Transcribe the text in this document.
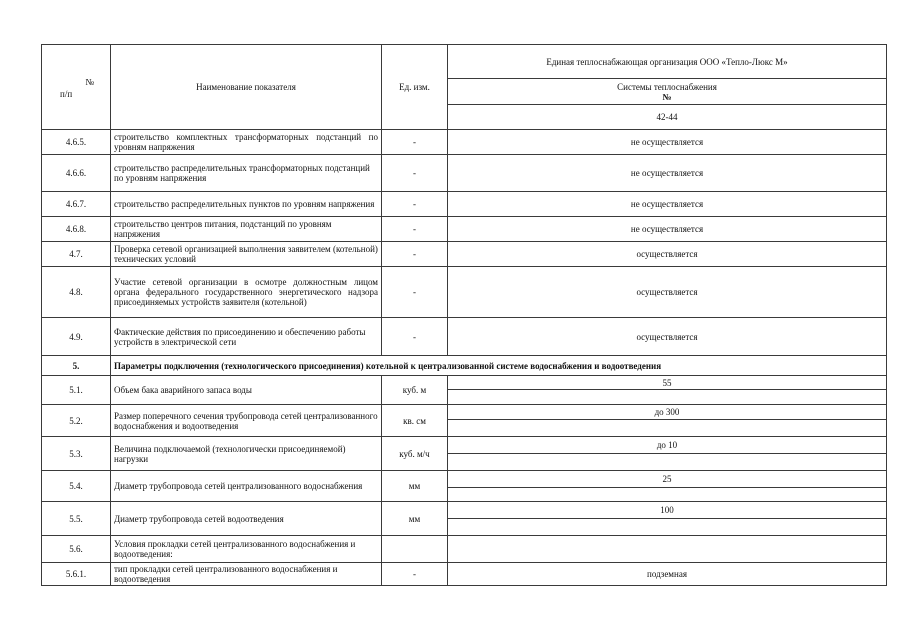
№
п/п	Наименование показателя	Ед. изм.	Единая теплоснабжающая организация ООО «Тепло-Люкс М»

			Системы теплоснабжения
№

			42-44
4.6.5.	строительство комплектных трансформаторных подстанций по уровням напряжения	-	не осуществляется
4.6.6.	строительство распределительных трансформаторных подстанций по уровням напряжения	-	не осуществляется
4.6.7.	строительство распределительных пунктов по уровням напряжения	-	не осуществляется
4.6.8.	строительство центров питания, подстанций по уровням напряжения	-	не осуществляется
4.7.	Проверка сетевой организацией выполнения заявителем (котельной) технических условий	-	осуществляется
4.8.	Участие сетевой организации в осмотре должностным лицом органа федерального государственного энергетического надзора присоединяемых устройств заявителя (котельной)	-	осуществляется
4.9.	Фактические действия по присоединению и обеспечению работы устройств в электрической сети	-	осуществляется
5.	Параметры подключения (технологического присоединения) котельной к централизованной системе водоснабжения и водоотведения		
5.1.	Объем бака аварийного запаса воды	куб. м	55

5.2.	Размер поперечного сечения трубопровода сетей централизованного водоснабжения и водоотведения	кв. см	до 300

5.3.	Величина подключаемой (технологически присоединяемой) нагрузки	куб. м/ч	до 10

5.4.	Диаметр трубопровода сетей централизованного водоснабжения	мм	25

5.5.	Диаметр трубопровода сетей водоотведения	мм	100

5.6.	Условия прокладки сетей централизованного водоснабжения и водоотведения:		
5.6.1.	тип прокладки сетей централизованного водоснабжения и водоотведения	-	подземная
